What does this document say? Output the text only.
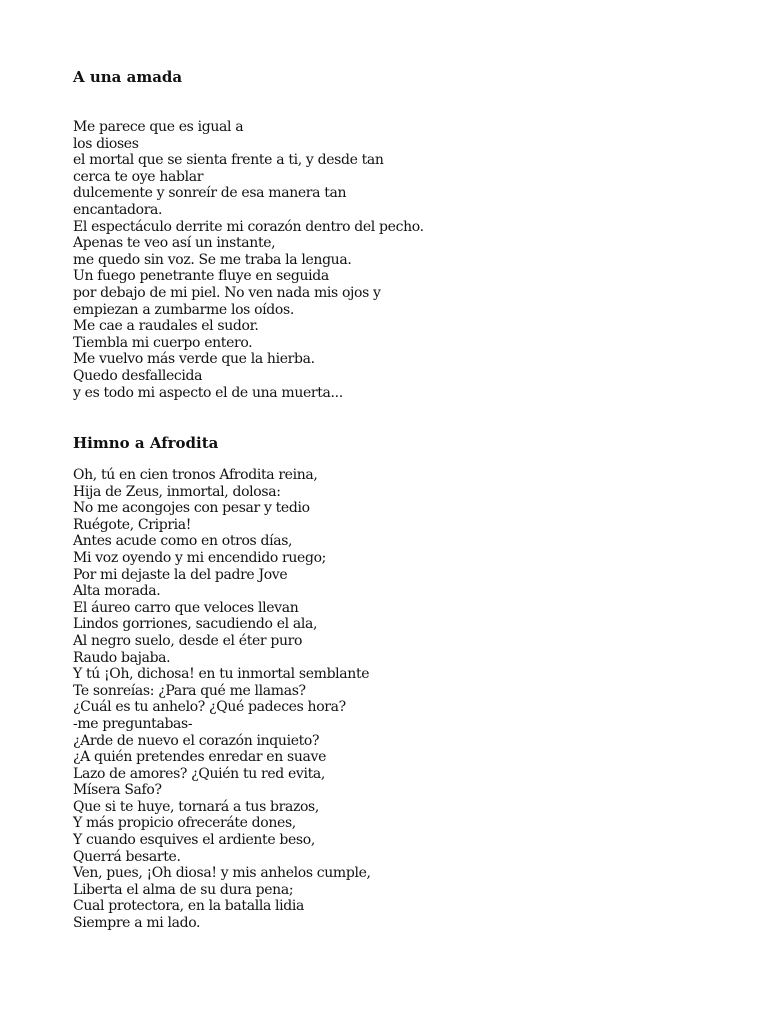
A una amada
Me parece que es igual a
los dioses
el mortal que se sienta frente a ti, y desde tan
cerca te oye hablar
dulcemente y sonreír de esa manera tan
encantadora.
El espectáculo derrite mi corazón dentro del pecho.
Apenas te veo así un instante,
me quedo sin voz. Se me traba la lengua.
Un fuego penetrante fluye en seguida
por debajo de mi piel. No ven nada mis ojos y
empiezan a zumbarme los oídos.
Me cae a raudales el sudor.
Tiembla mi cuerpo entero.
Me vuelvo más verde que la hierba.
Quedo desfallecida
y es todo mi aspecto el de una muerta...
Himno a Afrodita
Oh, tú en cien tronos Afrodita reina,
Hija de Zeus, inmortal, dolosa:
No me acongojes con pesar y tedio
Ruégote, Cripria!
Antes acude como en otros días,
Mi voz oyendo y mi encendido ruego;
Por mi dejaste la del padre Jove
Alta morada.
El áureo carro que veloces llevan
Lindos gorriones, sacudiendo el ala,
Al negro suelo, desde el éter puro
Raudo bajaba.
Y tú ¡Oh, dichosa! en tu inmortal semblante
Te sonreías: ¿Para qué me llamas?
¿Cuál es tu anhelo? ¿Qué padeces hora?
-me preguntabas-
¿Arde de nuevo el corazón inquieto?
¿A quién pretendes enredar en suave
Lazo de amores? ¿Quién tu red evita,
Mísera Safo?
Que si te huye, tornará a tus brazos,
Y más propicio ofreceráte dones,
Y cuando esquives el ardiente beso,
Querrá besarte.
Ven, pues, ¡Oh diosa! y mis anhelos cumple,
Liberta el alma de su dura pena;
Cual protectora, en la batalla lidia
Siempre a mi lado.
